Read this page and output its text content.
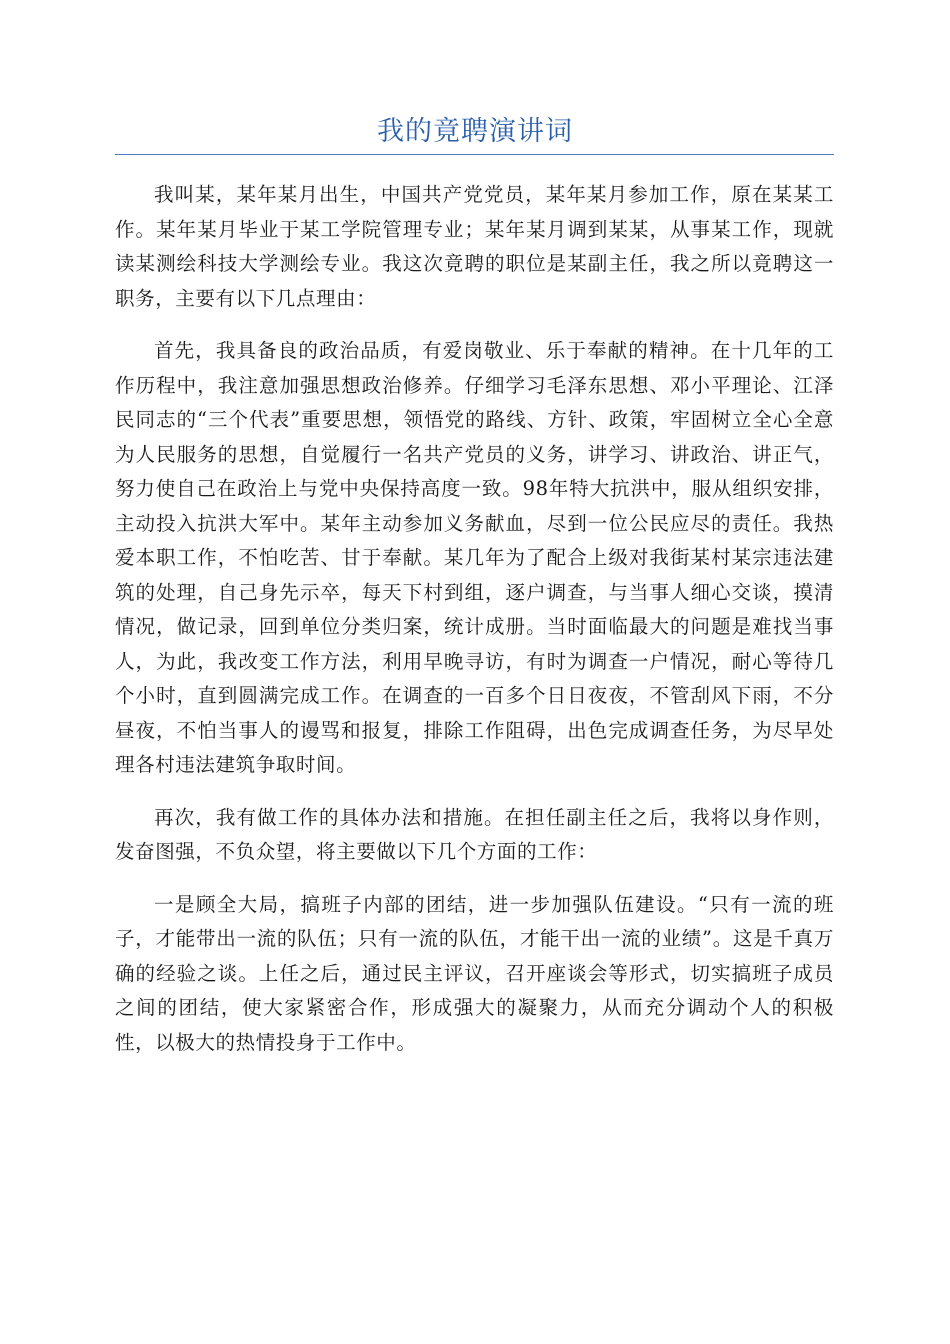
我的竟聘演讲词

我叫某，某年某月出生，中国共产党党员，某年某月参加工作，原在某某工作。某年某月毕业于某工学院管理专业；某年某月调到某某，从事某工作，现就读某测绘科技大学测绘专业。我这次竟聘的职位是某副主任，我之所以竟聘这一职务，主要有以下几点理由：

首先，我具备良的政治品质，有爱岗敬业、乐于奉献的精神。在十几年的工作历程中，我注意加强思想政治修养。仔细学习毛泽东思想、邓小平理论、江泽民同志的“三个代表”重要思想，领悟党的路线、方针、政策，牢固树立全心全意为人民服务的思想，自觉履行一名共产党员的义务，讲学习、讲政治、讲正气，努力使自己在政治上与党中央保持高度一致。98年特大抗洪中，服从组织安排，主动投入抗洪大军中。某年主动参加义务献血，尽到一位公民应尽的责任。我热爱本职工作，不怕吃苦、甘于奉献。某几年为了配合上级对我街某村某宗违法建筑的处理，自己身先示卒，每天下村到组，逐户调查，与当事人细心交谈，摸清情况，做记录，回到单位分类归案，统计成册。当时面临最大的问题是难找当事人，为此，我改变工作方法，利用早晚寻访，有时为调查一户情况，耐心等待几个小时，直到圆满完成工作。在调查的一百多个日日夜夜，不管刮风下雨，不分昼夜，不怕当事人的谩骂和报复，排除工作阻碍，出色完成调查任务，为尽早处理各村违法建筑争取时间。

再次，我有做工作的具体办法和措施。在担任副主任之后，我将以身作则，发奋图强，不负众望，将主要做以下几个方面的工作：

一是顾全大局，搞班子内部的团结，进一步加强队伍建设。“只有一流的班子，才能带出一流的队伍；只有一流的队伍，才能干出一流的业绩”。这是千真万确的经验之谈。上任之后，通过民主评议，召开座谈会等形式，切实搞班子成员之间的团结，使大家紧密合作，形成强大的凝聚力，从而充分调动个人的积极性，以极大的热情投身于工作中。
